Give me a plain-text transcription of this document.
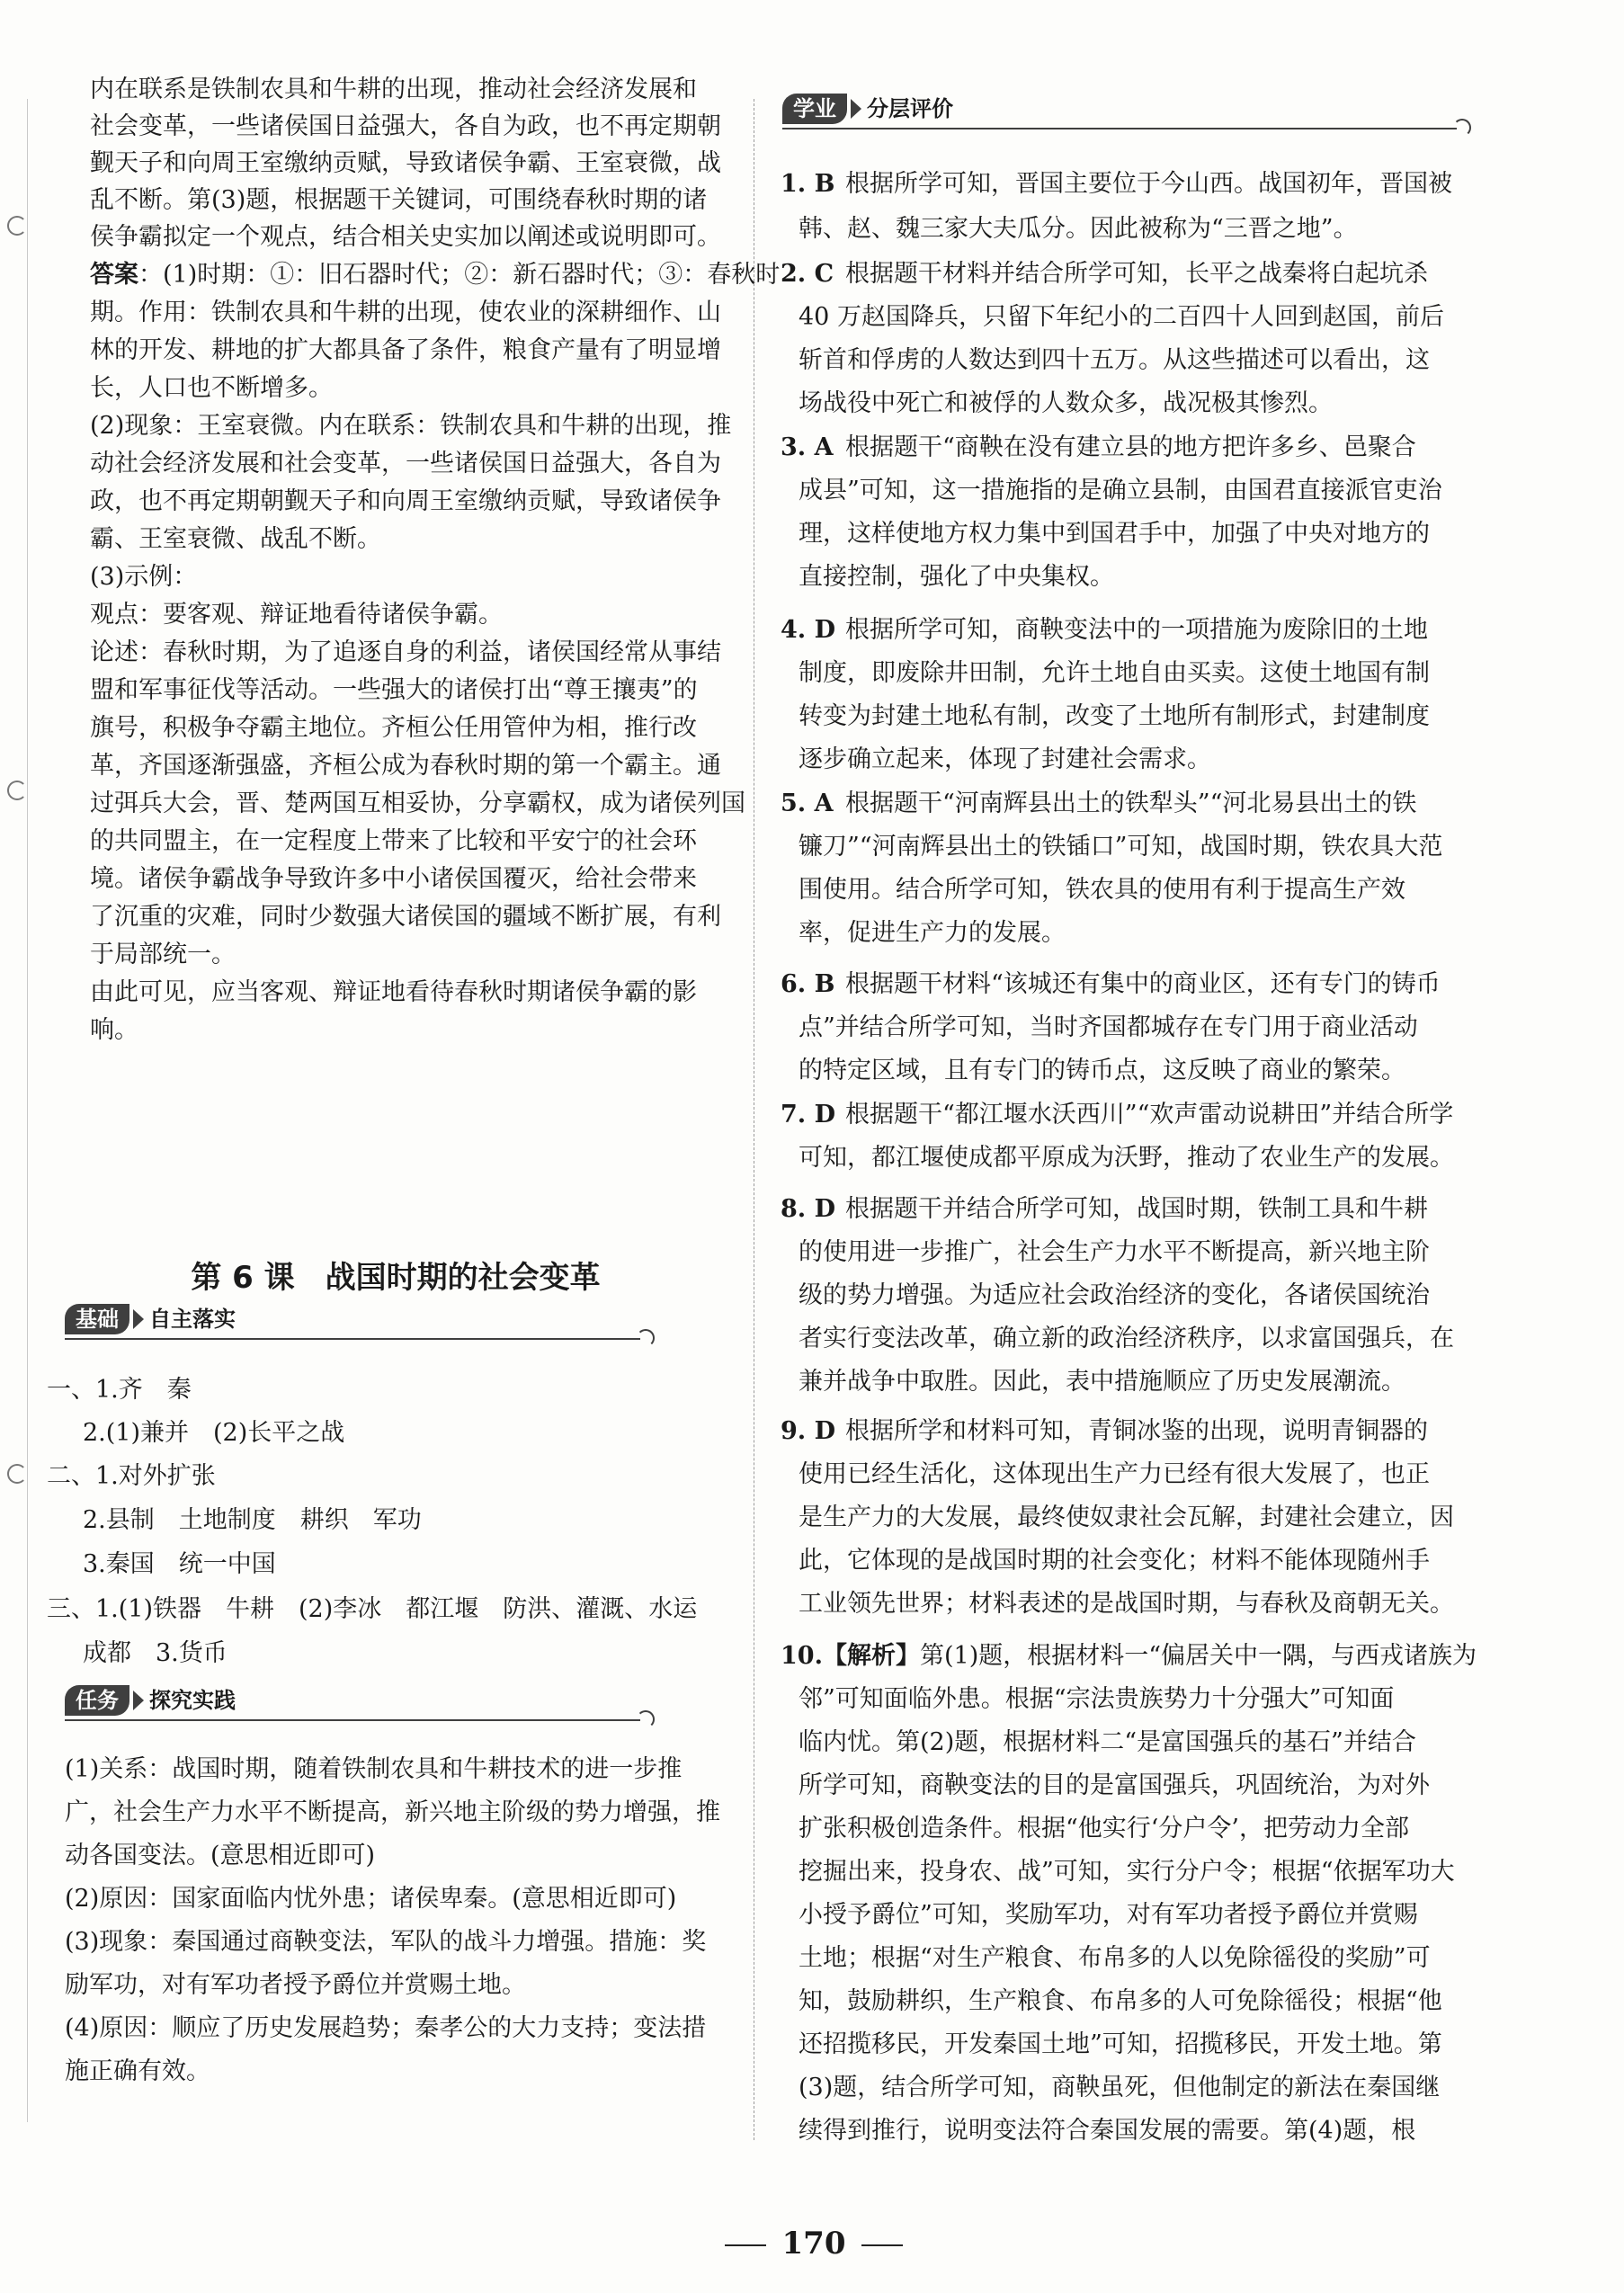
内在联系是铁制农具和牛耕的出现，推动社会经济发展和
社会变革，一些诸侯国日益强大，各自为政，也不再定期朝
觐天子和向周王室缴纳贡赋，导致诸侯争霸、王室衰微，战
乱不断。第(3)题，根据题干关键词，可围绕春秋时期的诸
侯争霸拟定一个观点，结合相关史实加以阐述或说明即可。
答案：(1)时期：①：旧石器时代；②：新石器时代；③：春秋时
期。作用：铁制农具和牛耕的出现，使农业的深耕细作、山
林的开发、耕地的扩大都具备了条件，粮食产量有了明显增
长，人口也不断增多。
(2)现象：王室衰微。内在联系：铁制农具和牛耕的出现，推
动社会经济发展和社会变革，一些诸侯国日益强大，各自为
政，也不再定期朝觐天子和向周王室缴纳贡赋，导致诸侯争
霸、王室衰微、战乱不断。
(3)示例：
观点：要客观、辩证地看待诸侯争霸。
论述：春秋时期，为了追逐自身的利益，诸侯国经常从事结
盟和军事征伐等活动。一些强大的诸侯打出“尊王攘夷”的
旗号，积极争夺霸主地位。齐桓公任用管仲为相，推行改
革，齐国逐渐强盛，齐桓公成为春秋时期的第一个霸主。通
过弭兵大会，晋、楚两国互相妥协，分享霸权，成为诸侯列国
的共同盟主，在一定程度上带来了比较和平安宁的社会环
境。诸侯争霸战争导致许多中小诸侯国覆灭，给社会带来
了沉重的灾难，同时少数强大诸侯国的疆域不断扩展，有利
于局部统一。
由此可见，应当客观、辩证地看待春秋时期诸侯争霸的影
响。
第 6 课　战国时期的社会变革
基础	自主落实
一、1.齐　秦
2.(1)兼并　(2)长平之战
二、1.对外扩张
2.县制　土地制度　耕织　军功
3.秦国　统一中国
三、1.(1)铁器　牛耕　(2)李冰　都江堰　防洪、灌溉、水运
成都　3.货币
任务	探究实践
(1)关系：战国时期，随着铁制农具和牛耕技术的进一步推
广，社会生产力水平不断提高，新兴地主阶级的势力增强，推
动各国变法。(意思相近即可)
(2)原因：国家面临内忧外患；诸侯卑秦。(意思相近即可)
(3)现象：秦国通过商鞅变法，军队的战斗力增强。措施：奖
励军功，对有军功者授予爵位并赏赐土地。
(4)原因：顺应了历史发展趋势；秦孝公的大力支持；变法措
施正确有效。
学业	分层评价
1. B 根据所学可知，晋国主要位于今山西。战国初年，晋国被
韩、赵、魏三家大夫瓜分。因此被称为“三晋之地”。
2. C 根据题干材料并结合所学可知，长平之战秦将白起坑杀
40 万赵国降兵，只留下年纪小的二百四十人回到赵国，前后
斩首和俘虏的人数达到四十五万。从这些描述可以看出，这
场战役中死亡和被俘的人数众多，战况极其惨烈。
3. A 根据题干“商鞅在没有建立县的地方把许多乡、邑聚合
成县”可知，这一措施指的是确立县制，由国君直接派官吏治
理，这样使地方权力集中到国君手中，加强了中央对地方的
直接控制，强化了中央集权。
4. D 根据所学可知，商鞅变法中的一项措施为废除旧的土地
制度，即废除井田制，允许土地自由买卖。这使土地国有制
转变为封建土地私有制，改变了土地所有制形式，封建制度
逐步确立起来，体现了封建社会需求。
5. A 根据题干“河南辉县出土的铁犁头”“河北易县出土的铁
镰刀”“河南辉县出土的铁锸口”可知，战国时期，铁农具大范
围使用。结合所学可知，铁农具的使用有利于提高生产效
率，促进生产力的发展。
6. B 根据题干材料“该城还有集中的商业区，还有专门的铸币
点”并结合所学可知，当时齐国都城存在专门用于商业活动
的特定区域，且有专门的铸币点，这反映了商业的繁荣。
7. D 根据题干“都江堰水沃西川”“欢声雷动说耕田”并结合所学
可知，都江堰使成都平原成为沃野，推动了农业生产的发展。
8. D 根据题干并结合所学可知，战国时期，铁制工具和牛耕
的使用进一步推广，社会生产力水平不断提高，新兴地主阶
级的势力增强。为适应社会政治经济的变化，各诸侯国统治
者实行变法改革，确立新的政治经济秩序，以求富国强兵，在
兼并战争中取胜。因此，表中措施顺应了历史发展潮流。
9. D 根据所学和材料可知，青铜冰鉴的出现，说明青铜器的
使用已经生活化，这体现出生产力已经有很大发展了，也正
是生产力的大发展，最终使奴隶社会瓦解，封建社会建立，因
此，它体现的是战国时期的社会变化；材料不能体现随州手
工业领先世界；材料表述的是战国时期，与春秋及商朝无关。
10.【解析】第(1)题，根据材料一“偏居关中一隅，与西戎诸族为
邻”可知面临外患。根据“宗法贵族势力十分强大”可知面
临内忧。第(2)题，根据材料二“是富国强兵的基石”并结合
所学可知，商鞅变法的目的是富国强兵，巩固统治，为对外
扩张积极创造条件。根据“他实行‘分户令’，把劳动力全部
挖掘出来，投身农、战”可知，实行分户令；根据“依据军功大
小授予爵位”可知，奖励军功，对有军功者授予爵位并赏赐
土地；根据“对生产粮食、布帛多的人以免除徭役的奖励”可
知，鼓励耕织，生产粮食、布帛多的人可免除徭役；根据“他
还招揽移民，开发秦国土地”可知，招揽移民，开发土地。第
(3)题，结合所学可知，商鞅虽死，但他制定的新法在秦国继
续得到推行，说明变法符合秦国发展的需要。第(4)题，根
170
